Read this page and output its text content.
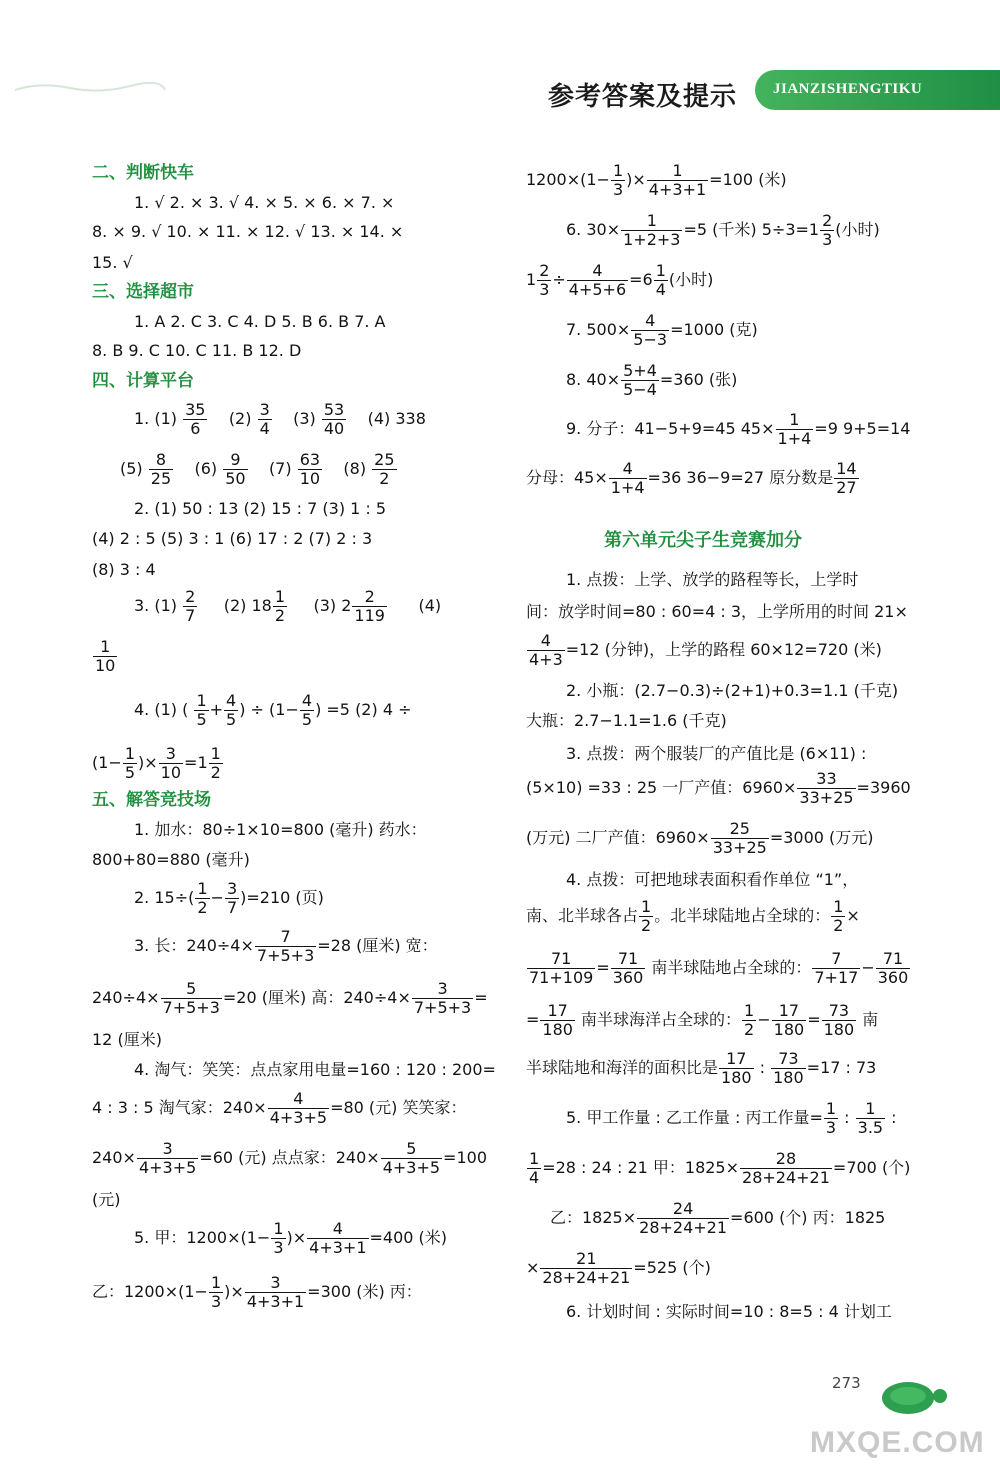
参考答案及提示 JIANZISHENGTIKU
二、判断快车
1. √ 2. × 3. √ 4. × 5. × 6. × 7. ×
8. × 9. √ 10. × 11. × 12. √ 13. × 14. ×
15. √
三、选择超市
1. A 2. C 3. C 4. D 5. B 6. B 7. A
8. B 9. C 10. C 11. B 12. D
四、计算平台
1. $(1) \frac{35}{6} (2) \frac{3}{4} (3) \frac{53}{40} (4)$ 338
$(5) \frac{8}{25} (6) \frac{9}{50} (7) \frac{63}{10} (8) \frac{25}{2}$
2. (1) 50 : 13 (2) 15 : 7 (3) 1 : 5
(4) 2 : 5 (5) 3 : 1 (6) 17 : 2 (7) 2 : 3
(8) 3 : 4
3. $(1) \frac{2}{7} (2)$ $18 \frac{1}{2} (3)$ $2 \frac{2}{119} (4)$
$\frac{1}{10}$
4. (1) ( $\frac{1}{5} + \frac{4}{5}$ ) ÷ ($1- \frac{4}{5}$ ) =5 (2) 4 ÷
($1- \frac{1}{5}$ )× $\frac{3}{10} =1 \frac{1}{2}$
五、解答竞技场
1. 加水：80÷1×10=800 (毫升) 药水：
800+80=880 (毫升)
2. $15\div( \frac{1}{2} - \frac{3}{7} )=210$ (页)
3. 长：$240\div 4\times \frac{7}{7+5+3} =28$ (厘米) 宽：
$240\div 4\times \frac{5}{7+5+3} =20$ (厘米) 高：$240\div 4\times \frac{3}{7+5+3}$ =
12 (厘米)
4. 淘气：笑笑：点点家用电量=160 : 120 : 200=
4 : 3 : 5 淘气家：$240\times \frac{4}{4+3+5} =80$ (元) 笑笑家：
$240\times \frac{3}{4+3+5} =60$ (元) 点点家：$240\times \frac{5}{4+3+5} =100$
(元)
5. 甲：$1200\times(1- \frac{1}{3}$ )× $\frac{4}{4+3+1} =400$ (米)
乙：$1200\times(1- \frac{1}{3}$ )× $\frac{3}{4+3+1} =300$ (米) 丙：
$1200\times(1- \frac{1}{3}$ )× $\frac{1}{4+3+1} =100$ (米)
6. $30\times \frac{1}{1+2+3} =5$ (千米) $5\div 3=1 \frac{2}{3}$ (小时)
$1 \frac{2}{3} \div \frac{4}{4+5+6} =6 \frac{1}{4}$ (小时)
7. $500\times \frac{4}{5-3} =1000$ (克)
8. $40\times \frac{5+4}{5-4} =360$ (张)
9. 分子：41−5+9=45 $45\times \frac{1}{1+4} =9$ 9+5=14
分母：$45\times \frac{4}{1+4} =36$ 36−9=27 原分数是 $\frac{14}{27}$
第六单元尖子生竞赛加分
1. 点拨：上学、放学的路程等长，上学时
间：放学时间=80 : 60=4 : 3，上学所用的时间 21×
$\frac{4}{4+3} =12$ (分钟)，上学的路程 60×12=720 (米)
2. 小瓶：(2.7−0.3)÷(2+1)+0.3=1.1 (千克)
大瓶：2.7−1.1=1.6 (千克)
3. 点拨：两个服装厂的产值比是 (6×11) :
(5×10) =33 : 25 一厂产值：$6960\times \frac{33}{33+25} =3960$
(万元) 二厂产值：$6960\times \frac{25}{33+25} =3000$ (万元)
4. 点拨：可把地球表面积看作单位 “1”，
南、北半球各占 $\frac{1}{2}$ 。北半球陆地占全球的： $\frac{1}{2}$ ×
$\frac{71}{71+109} = \frac{71}{360}$ 南半球陆地占全球的： $\frac{7}{7+17} - \frac{71}{360}$
= $\frac{17}{180}$ 南半球海洋占全球的： $\frac{1}{2} - \frac{17}{180} = \frac{73}{180}$ 南
半球陆地和海洋的面积比是 $\frac{17}{180}$ : $\frac{73}{180} =17$ : 73
5. 甲工作量 : 乙工作量 : 丙工作量= $\frac{1}{3}$ : $\frac{1}{3.5}$ :
$\frac{1}{4} =28$ : 24 : 21 甲：$1825\times \frac{28}{28+24+21} =700$ (个)
乙：$1825\times \frac{24}{28+24+21} =600$ (个) 丙：1825
× $\frac{21}{28+24+21} =525$ (个)
6. 计划时间 : 实际时间=10 : 8=5 : 4 计划工
273
MXQE.COM
